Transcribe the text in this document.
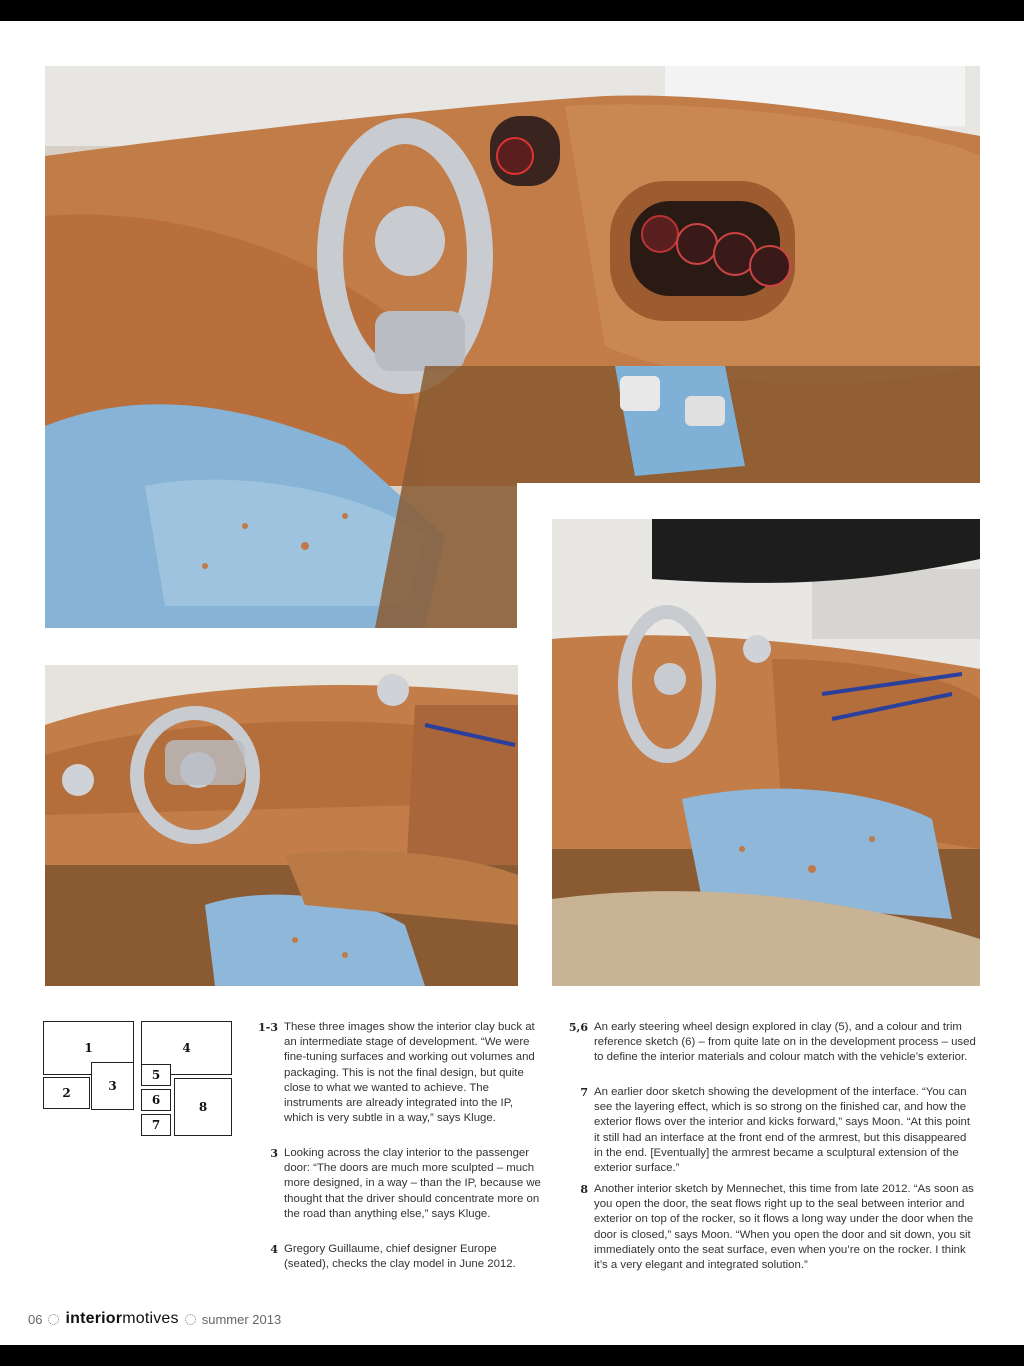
1
2	3
4
5
6
7
8
1-3 These three images show the interior clay buck at an intermediate stage of development. “We were fine-tuning surfaces and working out volumes and packaging. This is not the final design, but quite close to what we wanted to achieve. The instruments are already integrated into the IP, which is very subtle in a way,” says Kluge.
3 Looking across the clay interior to the passenger door: “The doors are much more sculpted – much more designed, in a way – than the IP, because we thought that the driver should concentrate more on the road than anything else,” says Kluge.
4 Gregory Guillaume, chief designer Europe (seated), checks the clay model in June 2012.
5,6 An early steering wheel design explored in clay (5), and a colour and trim reference sketch (6) – from quite late on in the development process – used to define the interior materials and colour match with the vehicle’s exterior.
7 An earlier door sketch showing the development of the interface. “You can see the layering effect, which is so strong on the finished car, and how the exterior flows over the interior and kicks forward,” says Moon. “At this point it still had an interface at the front end of the armrest, but this disappeared in the end. [Eventually] the armrest became a sculptural extension of the exterior surface.”
8 Another interior sketch by Mennechet, this time from late 2012. “As soon as you open the door, the seat flows right up to the seal between interior and exterior on top of the rocker, so it flows a long way under the door when the door is closed,” says Moon. “When you open the door and sit down, you sit immediately onto the seat surface, even when you’re on the rocker. I think it’s a very elegant and integrated solution.”
06 interiormotives summer 2013
